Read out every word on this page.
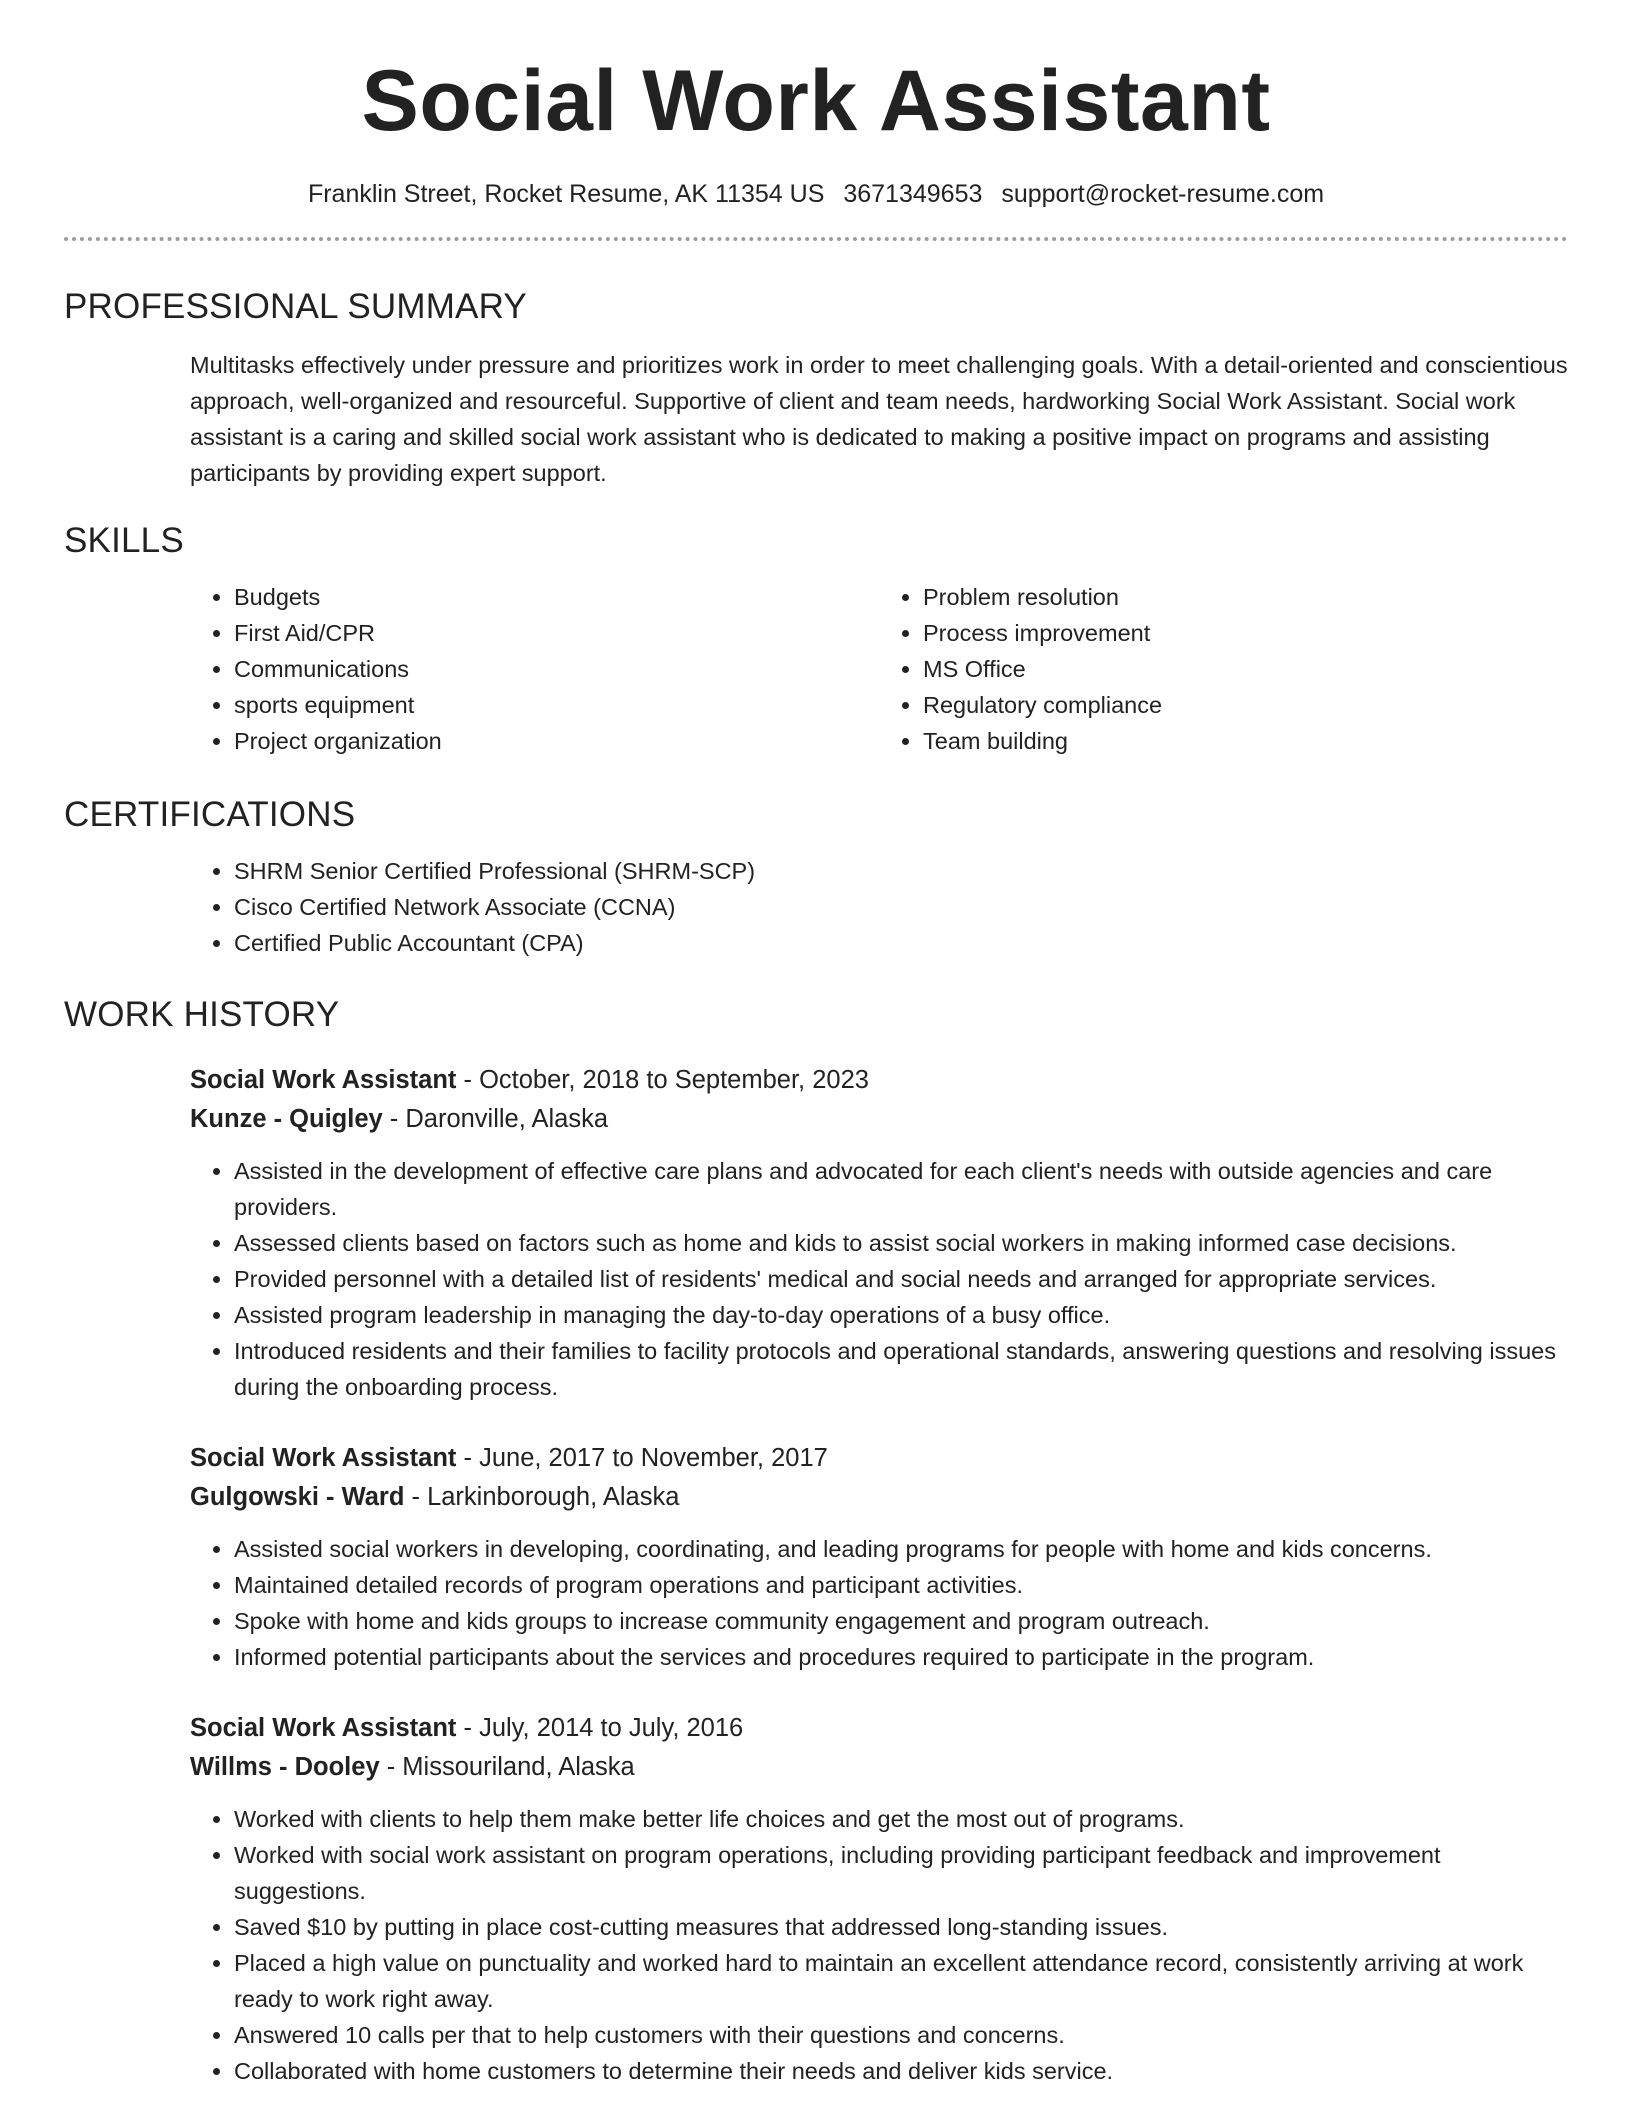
Social Work Assistant
Franklin Street, Rocket Resume, AK 11354 US 3671349653 support@rocket-resume.com
PROFESSIONAL SUMMARY
Multitasks effectively under pressure and prioritizes work in order to meet challenging goals. With a detail-oriented and conscientious approach, well-organized and resourceful. Supportive of client and team needs, hardworking Social Work Assistant. Social work assistant is a caring and skilled social work assistant who is dedicated to making a positive impact on programs and assisting participants by providing expert support.
SKILLS
• Budgets
• First Aid/CPR
• Communications
• sports equipment
• Project organization
• Problem resolution
• Process improvement
• MS Office
• Regulatory compliance
• Team building
CERTIFICATIONS
• SHRM Senior Certified Professional (SHRM-SCP)
• Cisco Certified Network Associate (CCNA)
• Certified Public Accountant (CPA)
WORK HISTORY
Social Work Assistant - October, 2018 to September, 2023
Kunze - Quigley - Daronville, Alaska
• Assisted in the development of effective care plans and advocated for each client's needs with outside agencies and care providers.
• Assessed clients based on factors such as home and kids to assist social workers in making informed case decisions.
• Provided personnel with a detailed list of residents' medical and social needs and arranged for appropriate services.
• Assisted program leadership in managing the day-to-day operations of a busy office.
• Introduced residents and their families to facility protocols and operational standards, answering questions and resolving issues during the onboarding process.
Social Work Assistant - June, 2017 to November, 2017
Gulgowski - Ward - Larkinborough, Alaska
• Assisted social workers in developing, coordinating, and leading programs for people with home and kids concerns.
• Maintained detailed records of program operations and participant activities.
• Spoke with home and kids groups to increase community engagement and program outreach.
• Informed potential participants about the services and procedures required to participate in the program.
Social Work Assistant - July, 2014 to July, 2016
Willms - Dooley - Missouriland, Alaska
• Worked with clients to help them make better life choices and get the most out of programs.
• Worked with social work assistant on program operations, including providing participant feedback and improvement suggestions.
• Saved $10 by putting in place cost-cutting measures that addressed long-standing issues.
• Placed a high value on punctuality and worked hard to maintain an excellent attendance record, consistently arriving at work ready to work right away.
• Answered 10 calls per that to help customers with their questions and concerns.
• Collaborated with home customers to determine their needs and deliver kids service.
